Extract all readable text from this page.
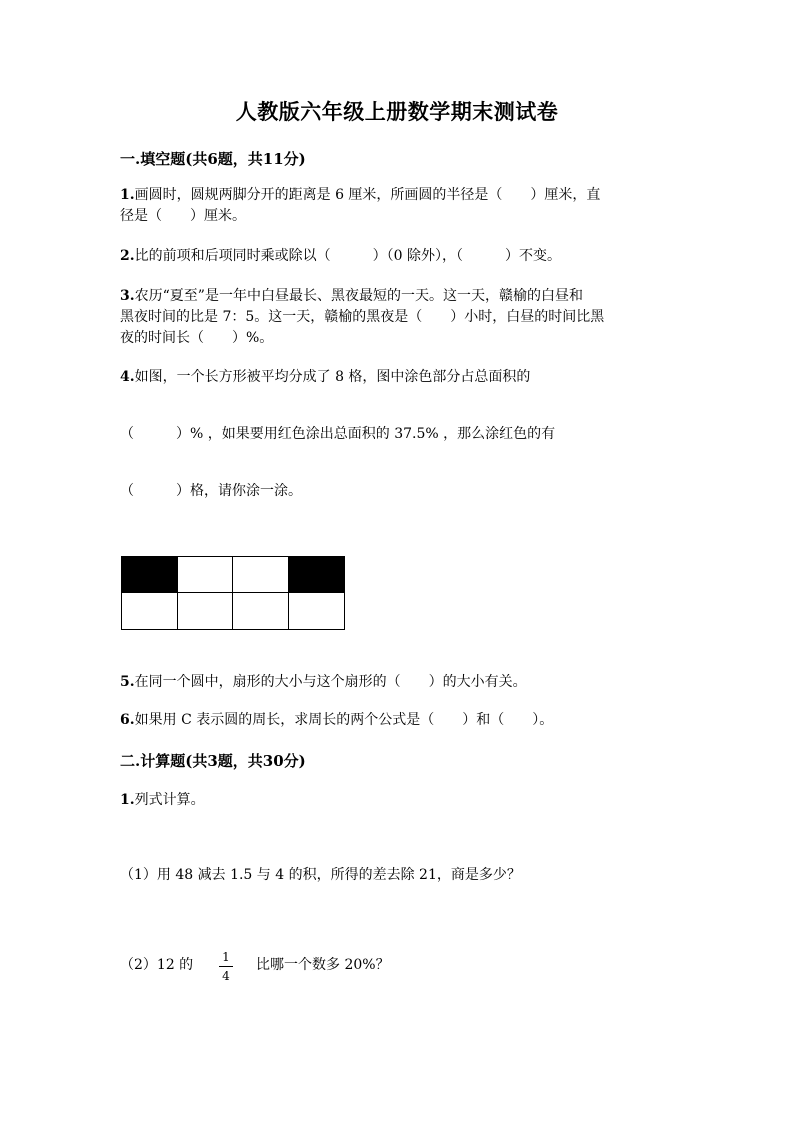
人教版六年级上册数学期末测试卷
一.填空题(共6题，共11分)
1.画圆时，圆规两脚分开的距离是 6 厘米，所画圆的半径是（　　）厘米，直
径是（　　）厘米。
2.比的前项和后项同时乘或除以（　　　）（0 除外），（　　　）不变。
3.农历“夏至”是一年中白昼最长、黑夜最短的一天。这一天，赣榆的白昼和
黑夜时间的比是 7：5。这一天，赣榆的黑夜是（　　）小时，白昼的时间比黑
夜的时间长（　　）%。
4.如图，一个长方形被平均分成了 8 格，图中涂色部分占总面积的
（　　　）% ，如果要用红色涂出总面积的 37.5% ，那么涂红色的有
（　　　）格，请你涂一涂。
5.在同一个圆中，扇形的大小与这个扇形的（　　）的大小有关。
6.如果用 C 表示圆的周长，求周长的两个公式是（　　）和（　　）。
二.计算题(共3题，共30分)
1.列式计算。
（1）用 48 减去 1.5 与 4 的积，所得的差去除 21，商是多少？
（2）12 的	比哪一个数多 20%？
1
4
